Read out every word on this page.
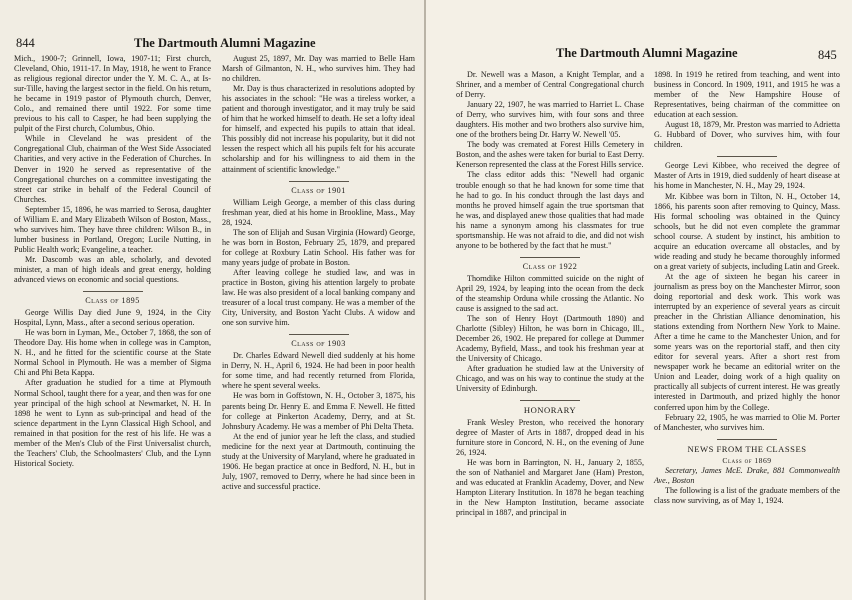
844	The Dartmouth Alumni Magazine

Mich., 1900-7; Grinnell, Iowa, 1907-11; First church, Cleveland, Ohio, 1911-17. In May, 1918, he went to France as religious regional director under the Y. M. C. A., at Is-sur-Tille, having the largest sector in the field. On his return, he became in 1919 pastor of Plymouth church, Denver, Colo., and remained there until 1922. For some time previous to his call to Casper, he had been supplying the pulpit of the First church, Columbus, Ohio.

While in Cleveland he was president of the Congregational Club, chairman of the West Side Associated Charities, and very active in the Federation of Churches. In Denver in 1920 he served as representative of the Congregational churches on a committee investigating the street car strike in behalf of the Federal Council of Churches.

September 15, 1896, he was married to Serosa, daughter of William E. and Mary Elizabeth Wilson of Boston, Mass., who survives him. They have three children: Wilson B., in lumber business in Portland, Oregon; Lucile Nutting, in Public Health work; Evangeline, a teacher.

Mr. Dascomb was an able, scholarly, and devoted minister, a man of high ideals and great energy, holding advanced views on economic and social questions.

Class of 1895

George Willis Day died June 9, 1924, in the City Hospital, Lynn, Mass., after a second serious operation.

He was born in Lyman, Me., October 7, 1868, the son of Theodore Day. His home when in college was in Campton, N. H., and he fitted for the scientific course at the State Normal School in Plymouth. He was a member of Sigma Chi and Phi Beta Kappa.

After graduation he studied for a time at Plymouth Normal School, taught there for a year, and then was for one year principal of the high school at Newmarket, N. H. In 1898 he went to Lynn as sub-principal and head of the science department in the Lynn Classical High School, and remained in that position for the rest of his life. He was a member of the Men's Club of the First Universalist church, the Teachers' Club, the Schoolmasters' Club, and the Lynn Historical Society.

August 25, 1897, Mr. Day was married to Belle Ham Marsh of Gilmanton, N. H., who survives him. They had no children.

Mr. Day is thus characterized in resolutions adopted by his associates in the school: "He was a tireless worker, a patient and thorough investigator, and it may truly be said of him that he worked himself to death. He set a lofty ideal for himself, and expected his pupils to attain that ideal. This possibly did not increase his popularity, but it did not lessen the respect which all his pupils felt for his accurate scholarship and for his willingness to aid them in the attainment of scientific knowledge."

Class of 1901

William Leigh George, a member of this class during freshman year, died at his home in Brookline, Mass., May 28, 1924.

The son of Elijah and Susan Virginia (Howard) George, he was born in Boston, February 25, 1879, and prepared for college at Roxbury Latin School. His father was for many years judge of probate in Boston.

After leaving college he studied law, and was in practice in Boston, giving his attention largely to probate law. He was also president of a local banking company and treasurer of a local trust company. He was a member of the City, University, and Boston Yacht Clubs. A widow and one son survive him.

Class of 1903

Dr. Charles Edward Newell died suddenly at his home in Derry, N. H., April 6, 1924. He had been in poor health for some time, and had recently returned from Florida, where he spent several weeks.

He was born in Goffstown, N. H., October 3, 1875, his parents being Dr. Henry E. and Emma F. Newell. He fitted for college at Pinkerton Academy, Derry, and at St. Johnsbury Academy. He was a member of Phi Delta Theta.

At the end of junior year he left the class, and studied medicine for the next year at Dartmouth, continuing the study at the University of Maryland, where he graduated in 1906. He began practice at once in Bedford, N. H., but in July, 1907, removed to Derry, where he had since been in active and successful practice.

The Dartmouth Alumni Magazine	845

Dr. Newell was a Mason, a Knight Templar, and a Shriner, and a member of Central Congregational church of Derry.

January 22, 1907, he was married to Harriet L. Chase of Derry, who survives him, with four sons and three daughters. His mother and two brothers also survive him, one of the brothers being Dr. Harry W. Newell '05.

The body was cremated at Forest Hills Cemetery in Boston, and the ashes were taken for burial to East Derry. Kenerson represented the class at the Forest Hills service.

The class editor adds this: "Newell had organic trouble enough so that he had known for some time that he had to go. In his conduct through the last days and months he proved himself again the true sportsman that he was, and displayed anew those qualities that had made his name a synonym among his classmates for true sportsmanship. He was not afraid to die, and did not wish anyone to be bothered by the fact that he must."

Class of 1922

Thorndike Hilton committed suicide on the night of April 29, 1924, by leaping into the ocean from the deck of the steamship Orduna while crossing the Atlantic. No cause is assigned to the sad act.

The son of Henry Hoyt (Dartmouth 1890) and Charlotte (Sibley) Hilton, he was born in Chicago, Ill., December 26, 1902. He prepared for college at Dummer Academy, Byfield, Mass., and took his freshman year at the University of Chicago.

After graduation he studied law at the University of Chicago, and was on his way to continue the study at the University of Edinburgh.

HONORARY

Frank Wesley Preston, who received the honorary degree of Master of Arts in 1887, dropped dead in his furniture store in Concord, N. H., on the evening of June 26, 1924.

He was born in Barrington, N. H., January 2, 1855, the son of Nathaniel and Margaret Jane (Ham) Preston, and was educated at Franklin Academy, Dover, and New Hampton Literary Institution. In 1878 he began teaching in the New Hampton Institution, became associate principal in 1887, and principal in

1898. In 1919 he retired from teaching, and went into business in Concord. In 1909, 1911, and 1915 he was a member of the New Hampshire House of Representatives, being chairman of the committee on education at each session.

August 18, 1879, Mr. Preston was married to Adrietta G. Hubbard of Dover, who survives him, with four children.

George Levi Kibbee, who received the degree of Master of Arts in 1919, died suddenly of heart disease at his home in Manchester, N. H., May 29, 1924.

Mr. Kibbee was born in Tilton, N. H., October 14, 1866, his parents soon after removing to Quincy, Mass. His formal schooling was obtained in the Quincy schools, but he did not even complete the grammar school course. A student by instinct, his ambition to acquire an education overcame all obstacles, and by wide reading and study he became thoroughly informed on a great variety of subjects, including Latin and Greek.

At the age of sixteen he began his career in journalism as press boy on the Manchester Mirror, soon doing reportorial and desk work. This work was interrupted by an experience of several years as circuit preacher in the Christian Alliance denomination, his stations extending from Northern New York to Maine. After a time he came to the Manchester Union, and for some years was on the reportorial staff, and then city editor for several years. After a short rest from newspaper work he became an editorial writer on the Union and Leader, doing work of a high quality on practically all subjects of current interest. He was greatly interested in Dartmouth, and prized highly the honor conferred upon him by the College.

February 22, 1905, he was married to Olie M. Porter of Manchester, who survives him.

NEWS FROM THE CLASSES
Class of 1869

Secretary, James McE. Drake, 881 Commonwealth Ave., Boston

The following is a list of the graduate members of the class now surviving, as of May 1, 1924.
